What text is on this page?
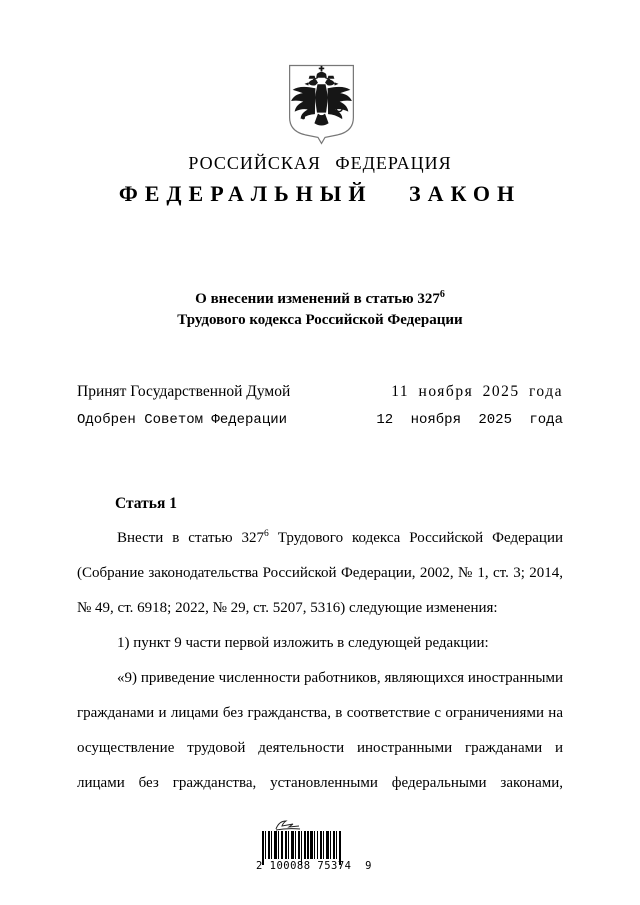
РОССИЙСКАЯ ФЕДЕРАЦИЯ
ФЕДЕРАЛЬНЫЙ ЗАКОН
О внесении изменений в статью $327^6$
Трудового кодекса Российской Федерации
Принят Государственной Думой	11 ноября 2025 года
Одобрен Советом Федерации	12 ноября 2025 года
Статья 1
Внести в статью $327^6$ Трудового кодекса Российской Федерации
(Собрание законодательства Российской Федерации, 2002, № 1, ст. 3; 2014,
№ 49, ст. 6918; 2022, № 29, ст. 5207, 5316) следующие изменения:
1) пункт 9 части первой изложить в следующей редакции:
«9) приведение численности работников, являющихся иностранными
гражданами и лицами без гражданства, в соответствие с ограничениями на
осуществление трудовой деятельности иностранными гражданами и
лицами без гражданства, установленными федеральными законами,
2 100088 75374  9
